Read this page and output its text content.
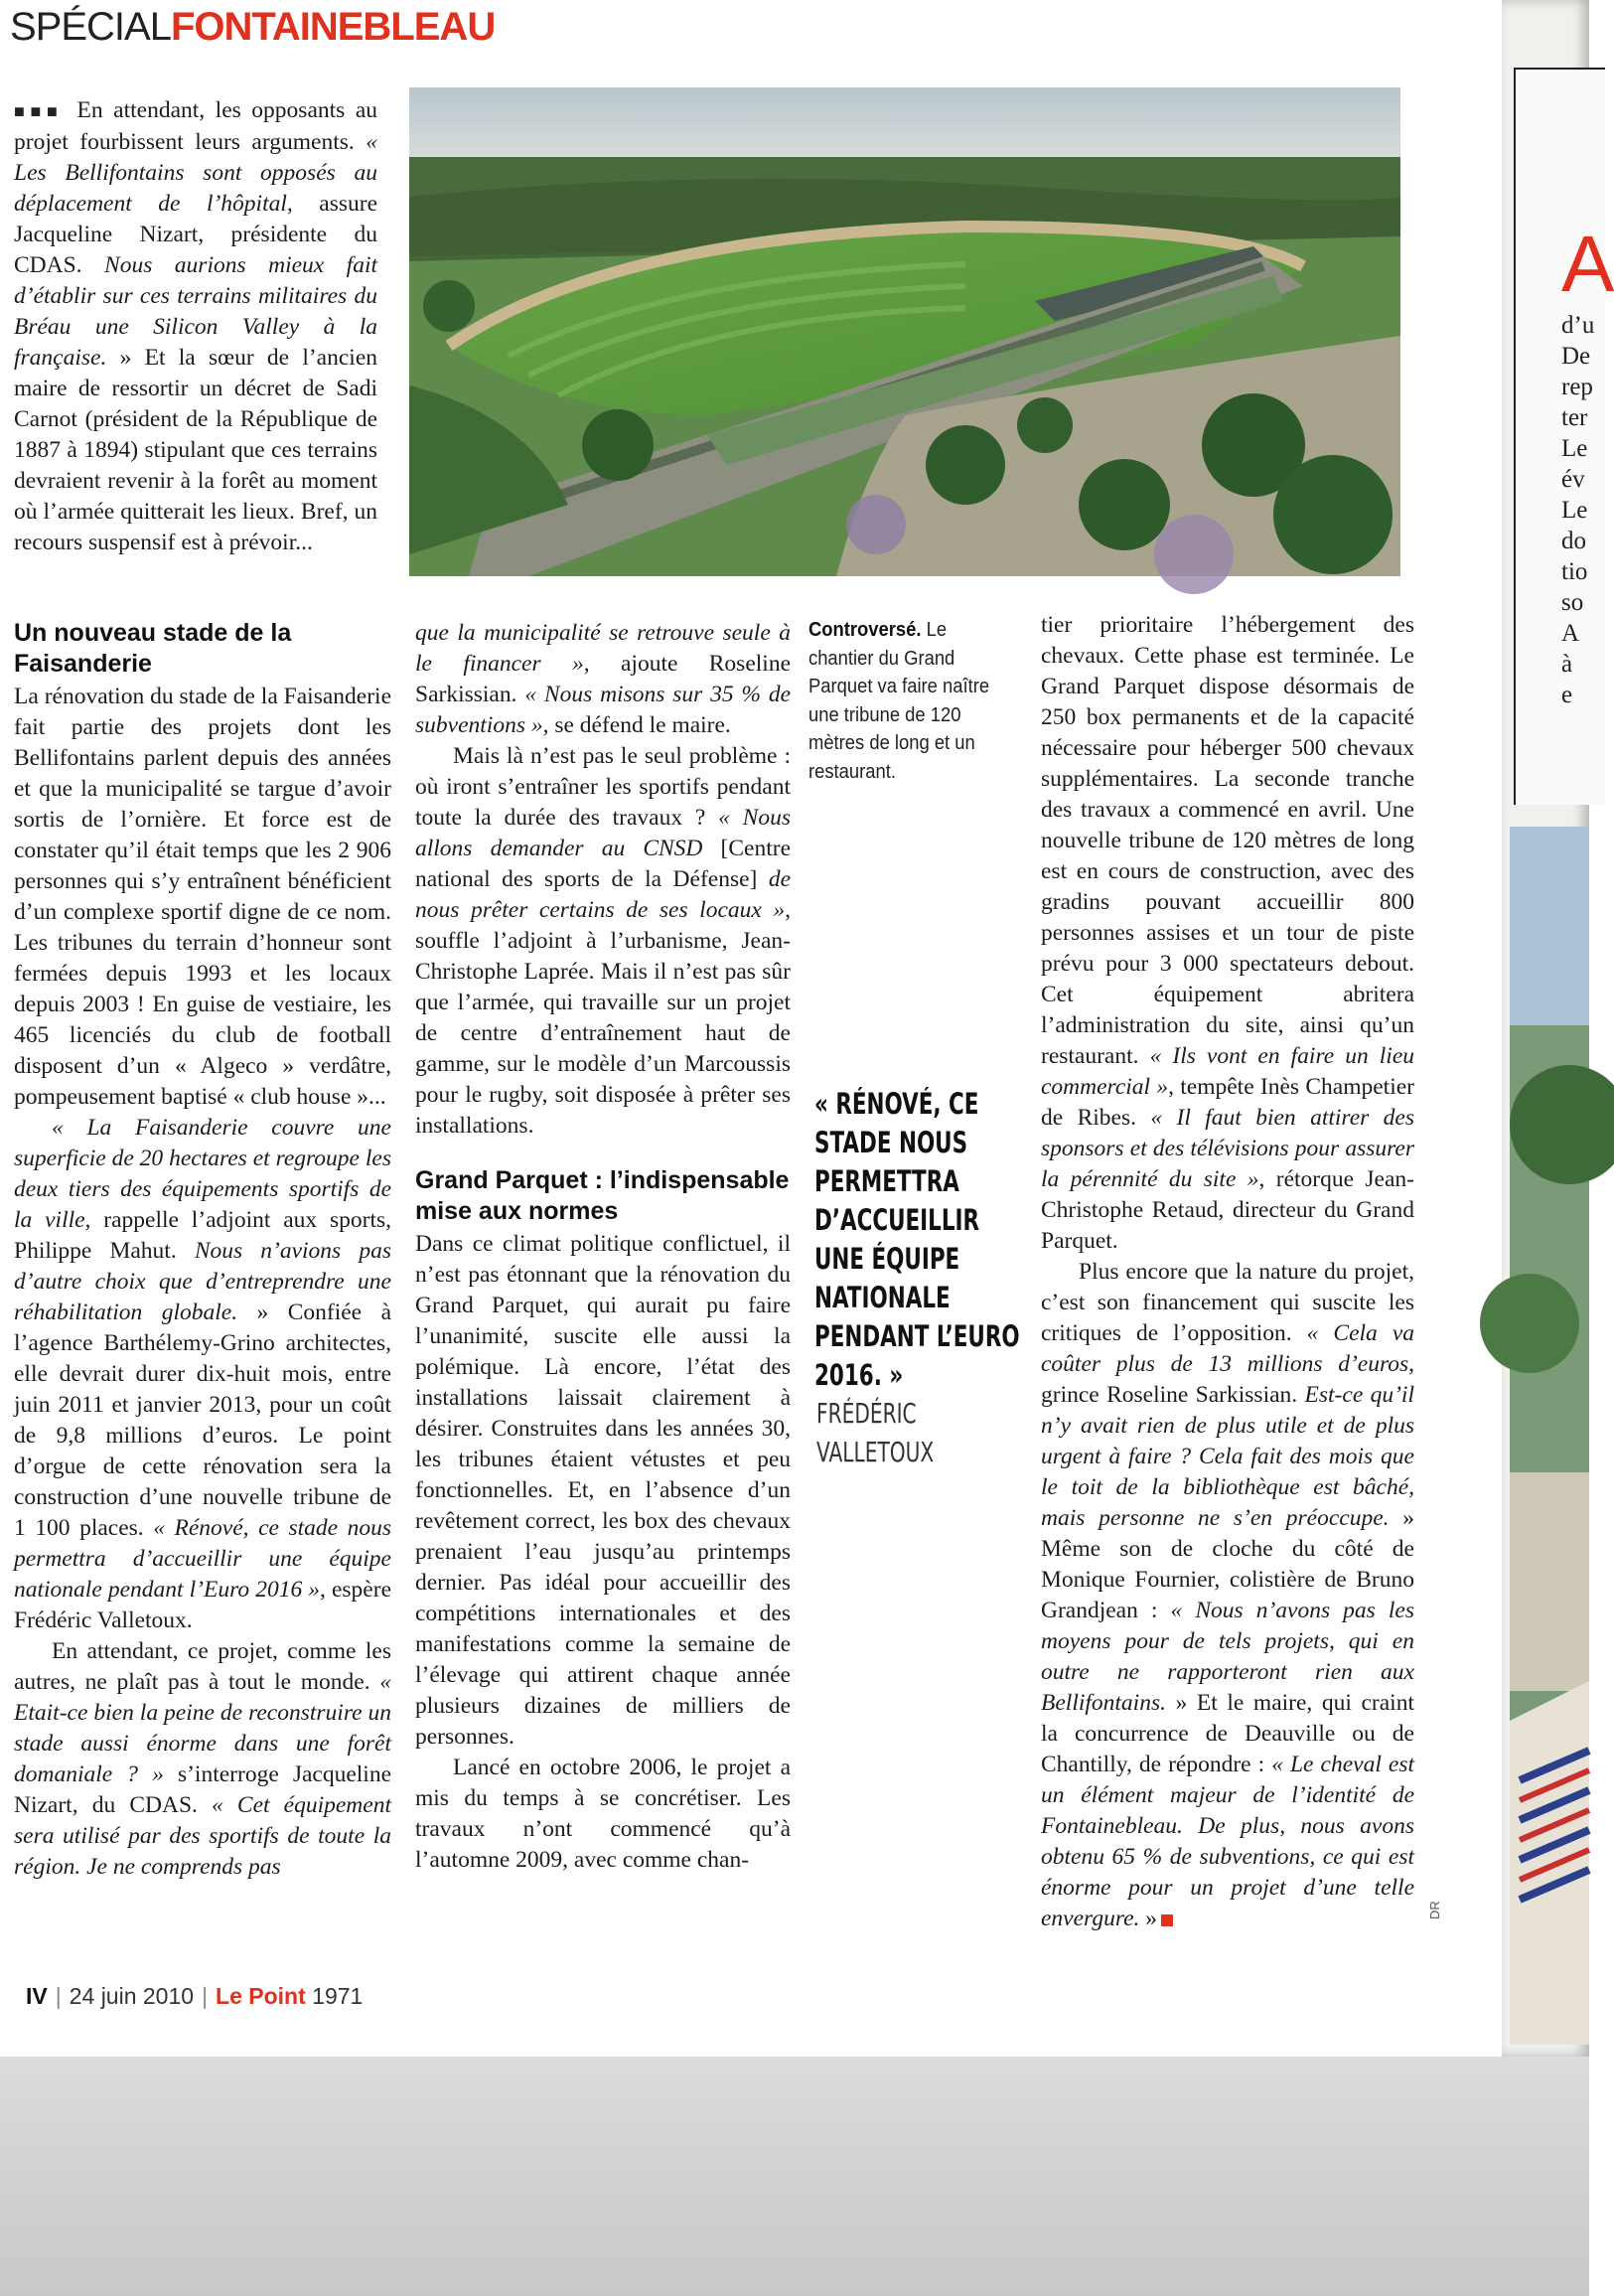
SPÉCIALFONTAINEBLEAU

■■■ En attendant, les opposants au projet fourbissent leurs arguments. « Les Bellifontains sont opposés au déplacement de l’hôpital, assure Jacqueline Nizart, présidente du CDAS. Nous aurions mieux fait d’établir sur ces terrains militaires du Bréau une Silicon Valley à la française. » Et la sœur de l’ancien maire de ressortir un décret de Sadi Carnot (président de la République de 1887 à 1894) stipulant que ces terrains devraient revenir à la forêt au moment où l’armée quitterait les lieux. Bref, un recours suspensif est à prévoir...

Un nouveau stade de la Faisanderie

La rénovation du stade de la Faisanderie fait partie des projets dont les Bellifontains parlent depuis des années et que la municipalité se targue d’avoir sortis de l’ornière. Et force est de constater qu’il était temps que les 2 906 personnes qui s’y entraînent bénéficient d’un complexe sportif digne de ce nom. Les tribunes du terrain d’honneur sont fermées depuis 1993 et les locaux depuis 2003 ! En guise de vestiaire, les 465 licenciés du club de football disposent d’un « Algeco » verdâtre, pompeusement baptisé « club house »...

« La Faisanderie couvre une superficie de 20 hectares et regroupe les deux tiers des équipements sportifs de la ville, rappelle l’adjoint aux sports, Philippe Mahut. Nous n’avions pas d’autre choix que d’entreprendre une réhabilitation globale. » Confiée à l’agence Barthélemy-Grino architectes, elle devrait durer dix-huit mois, entre juin 2011 et janvier 2013, pour un coût de 9,8 millions d’euros. Le point d’orgue de cette rénovation sera la construction d’une nouvelle tribune de 1 100 places. « Rénové, ce stade nous permettra d’accueillir une équipe nationale pendant l’Euro 2016 », espère Frédéric Valletoux.

En attendant, ce projet, comme les autres, ne plaît pas à tout le monde. « Etait-ce bien la peine de reconstruire un stade aussi énorme dans une forêt domaniale ? » s’interroge Jacqueline Nizart, du CDAS. « Cet équipement sera utilisé par des sportifs de toute la région. Je ne comprends pas

que la municipalité se retrouve seule à le financer », ajoute Roseline Sarkissian. « Nous misons sur 35 % de subventions », se défend le maire.

Mais là n’est pas le seul problème : où iront s’entraîner les sportifs pendant toute la durée des travaux ? « Nous allons demander au CNSD [Centre national des sports de la Défense] de nous prêter certains de ses locaux », souffle l’adjoint à l’urbanisme, Jean-Christophe Laprée. Mais il n’est pas sûr que l’armée, qui travaille sur un projet de centre d’entraînement haut de gamme, sur le modèle d’un Marcoussis pour le rugby, soit disposée à prêter ses installations.

Grand Parquet : l’indispensable mise aux normes

Dans ce climat politique conflictuel, il n’est pas étonnant que la rénovation du Grand Parquet, qui aurait pu faire l’unanimité, suscite elle aussi la polémique. Là encore, l’état des installations laissait clairement à désirer. Construites dans les années 30, les tribunes étaient vétustes et peu fonctionnelles. Et, en l’absence d’un revêtement correct, les box des chevaux prenaient l’eau jusqu’au printemps dernier. Pas idéal pour accueillir des compétitions internationales et des manifestations comme la semaine de l’élevage qui attirent chaque année plusieurs dizaines de milliers de personnes.

Lancé en octobre 2006, le projet a mis du temps à se concrétiser. Les travaux n’ont commencé qu’à l’automne 2009, avec comme chan-

Controversé. Le chantier du Grand Parquet va faire naître une tribune de 120 mètres de long et un restaurant.
« RÉNOVÉ, CE STADE NOUS PERMETTRA D’ACCUEILLIR UNE ÉQUIPE NATIONALE PENDANT L’EURO 2016. »
FRÉDÉRIC VALLETOUX

tier prioritaire l’hébergement des chevaux. Cette phase est terminée. Le Grand Parquet dispose désormais de 250 box permanents et de la capacité nécessaire pour héberger 500 chevaux supplémentaires. La seconde tranche des travaux a commencé en avril. Une nouvelle tribune de 120 mètres de long est en cours de construction, avec des gradins pouvant accueillir 800 personnes assises et un tour de piste prévu pour 3 000 spectateurs debout. Cet équipement abritera l’administration du site, ainsi qu’un restaurant. « Ils vont en faire un lieu commercial », tempête Inès Champetier de Ribes. « Il faut bien attirer des sponsors et des télévisions pour assurer la pérennité du site », rétorque Jean-Christophe Retaud, directeur du Grand Parquet.

Plus encore que la nature du projet, c’est son financement qui suscite les critiques de l’opposition. « Cela va coûter plus de 13 millions d’euros, grince Roseline Sarkissian. Est-ce qu’il n’y avait rien de plus utile et de plus urgent à faire ? Cela fait des mois que le toit de la bibliothèque est bâché, mais personne ne s’en préoccupe. » Même son de cloche du côté de Monique Fournier, colistière de Bruno Grandjean : « Nous n’avons pas les moyens pour de tels projets, qui en outre ne rapporteront rien aux Bellifontains. » Et le maire, qui craint la concurrence de Deauville ou de Chantilly, de répondre : « Le cheval est un élément majeur de l’identité de Fontainebleau. De plus, nous avons obtenu 65 % de subventions, ce qui est énorme pour un projet d’une telle envergure. »	DR
IV | 24 juin 2010 | Le Point 1971
A
d’u
De
rep
ter
Le
év
Le
do
tio
so
A
à
e
